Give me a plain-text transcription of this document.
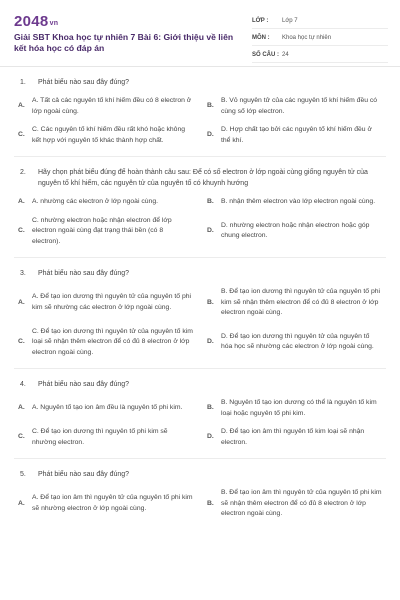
2048vn
Giải SBT Khoa học tự nhiên 7 Bài 6: Giới thiệu về liên kết hóa học có đáp án
LỚP :	Lớp 7
MÔN :	Khoa học tự nhiên
SỐ CÂU : 24
1.	Phát biểu nào sau đây đúng?
A.
A. Tất cả các nguyên tố khí hiếm đều có 8 electron ở lớp ngoài cùng.
B.
B. Vỏ nguyên tử của các nguyên tố khí hiếm đều có cùng số lớp electron.
C.
C. Các nguyên tố khí hiếm đều rất khó hoặc không kết hợp với nguyên tố khác thành hợp chất.
D.
D. Hợp chất tạo bởi các nguyên tố khí hiếm đều ở thể khí.
2.	Hãy chọn phát biểu đúng để hoàn thành câu sau: Để có số electron ở lớp ngoài cùng giống nguyên tử của nguyên tố khí hiếm, các nguyên tử của nguyên tố có khuynh hướng
A.	A. nhường các electron ở lớp ngoài cùng.	B.	B. nhận thêm electron vào lớp electron ngoài cùng.
C.
C. nhường electron hoặc nhận electron để lớp electron ngoài cùng đạt trạng thái bền (có 8 electron).
D.
D. nhường electron hoặc nhận electron hoặc góp chung electron.
3.	Phát biểu nào sau đây đúng?
A.
A. Để tạo ion dương thì nguyên tử của nguyên tố phi kim sẽ nhường các electron ở lớp ngoài cùng.
B.
B. Để tạo ion dương thì nguyên tử của nguyên tố phi kim sẽ nhận thêm electron để có đủ 8 electron ở lớp electron ngoài cùng.
C.
C. Để tạo ion dương thì nguyên tử của nguyên tố kim loại sẽ nhận thêm electron để có đủ 8 electron ở lớp electron ngoài cùng.
D.
D. Để tạo ion dương thì nguyên tử của nguyên tố hóa học sẽ nhường các electron ở lớp ngoài cùng.
4.	Phát biểu nào sau đây đúng?
A.	A. Nguyên tố tạo ion âm đều là nguyên tố phi kim.	B.
B. Nguyên tố tạo ion dương có thể là nguyên tố kim loại hoặc nguyên tố phi kim.
C.
C. Để tạo ion dương thì nguyên tố phi kim sẽ nhường electron.
D.
D. Để tạo ion âm thì nguyên tố kim loại sẽ nhận electron.
5.	Phát biểu nào sau đây đúng?
A.
A. Để tạo ion âm thì nguyên tử của nguyên tố phi kim sẽ nhường electron ở lớp ngoài cùng.
B.
B. Để tạo ion âm thì nguyên tử của nguyên tố phi kim sẽ nhận thêm electron để có đủ 8 electron ở lớp electron ngoài cùng.
